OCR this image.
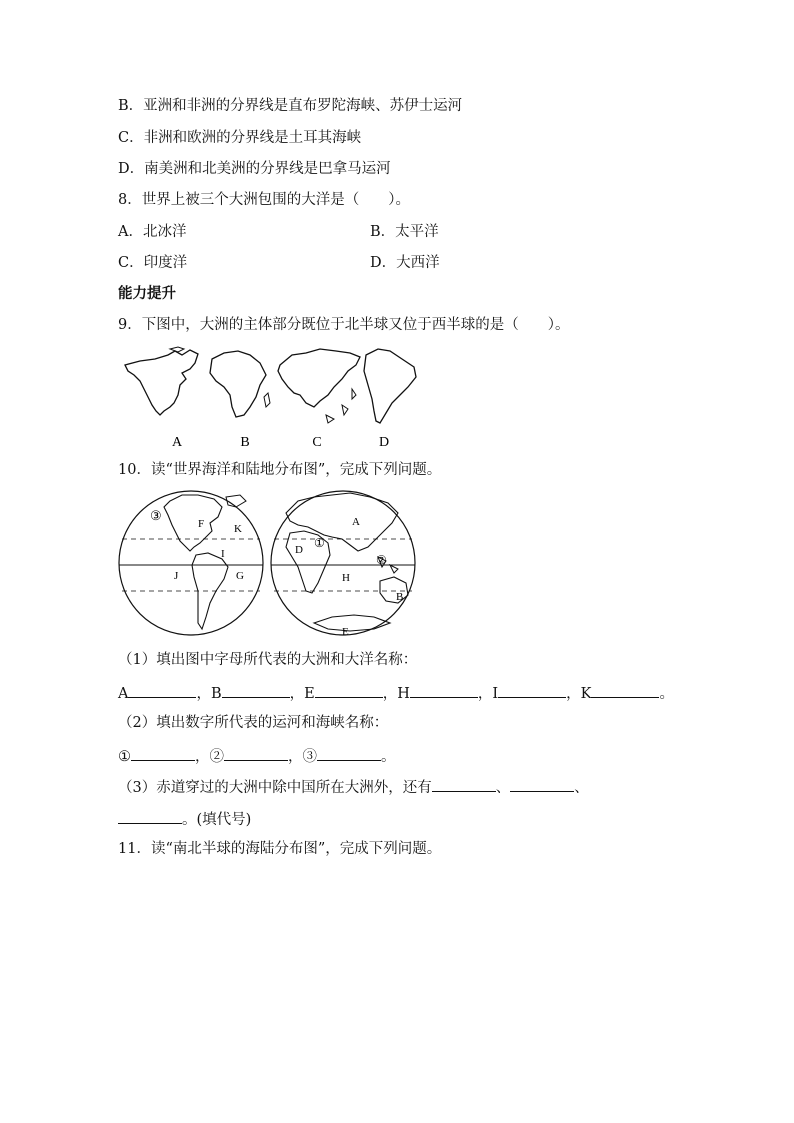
B．亚洲和非洲的分界线是直布罗陀海峡、苏伊士运河
C．非洲和欧洲的分界线是土耳其海峡
D．南美洲和北美洲的分界线是巴拿马运河
8．世界上被三个大洲包围的大洋是（　　）。
A．北冰洋	B．太平洋
C．印度洋	D．大西洋
能力提升
9．下图中，大洲的主体部分既位于北半球又位于西半球的是（　　）。
A	B	C	D
10．读“世界海洋和陆地分布图”，完成下列问题。
③
F	K
I
J	G
A
①
D
②
H
B
E
（1）填出图中字母所代表的大洲和大洋名称：
A	，B	，E	，H	，I	，K	。
（2）填出数字所代表的运河和海峡名称：
①	，②	，③	。
（3）赤道穿过的大洲中除中国所在大洲外，还有	、	、
。(填代号)
11．读“南北半球的海陆分布图”，完成下列问题。
